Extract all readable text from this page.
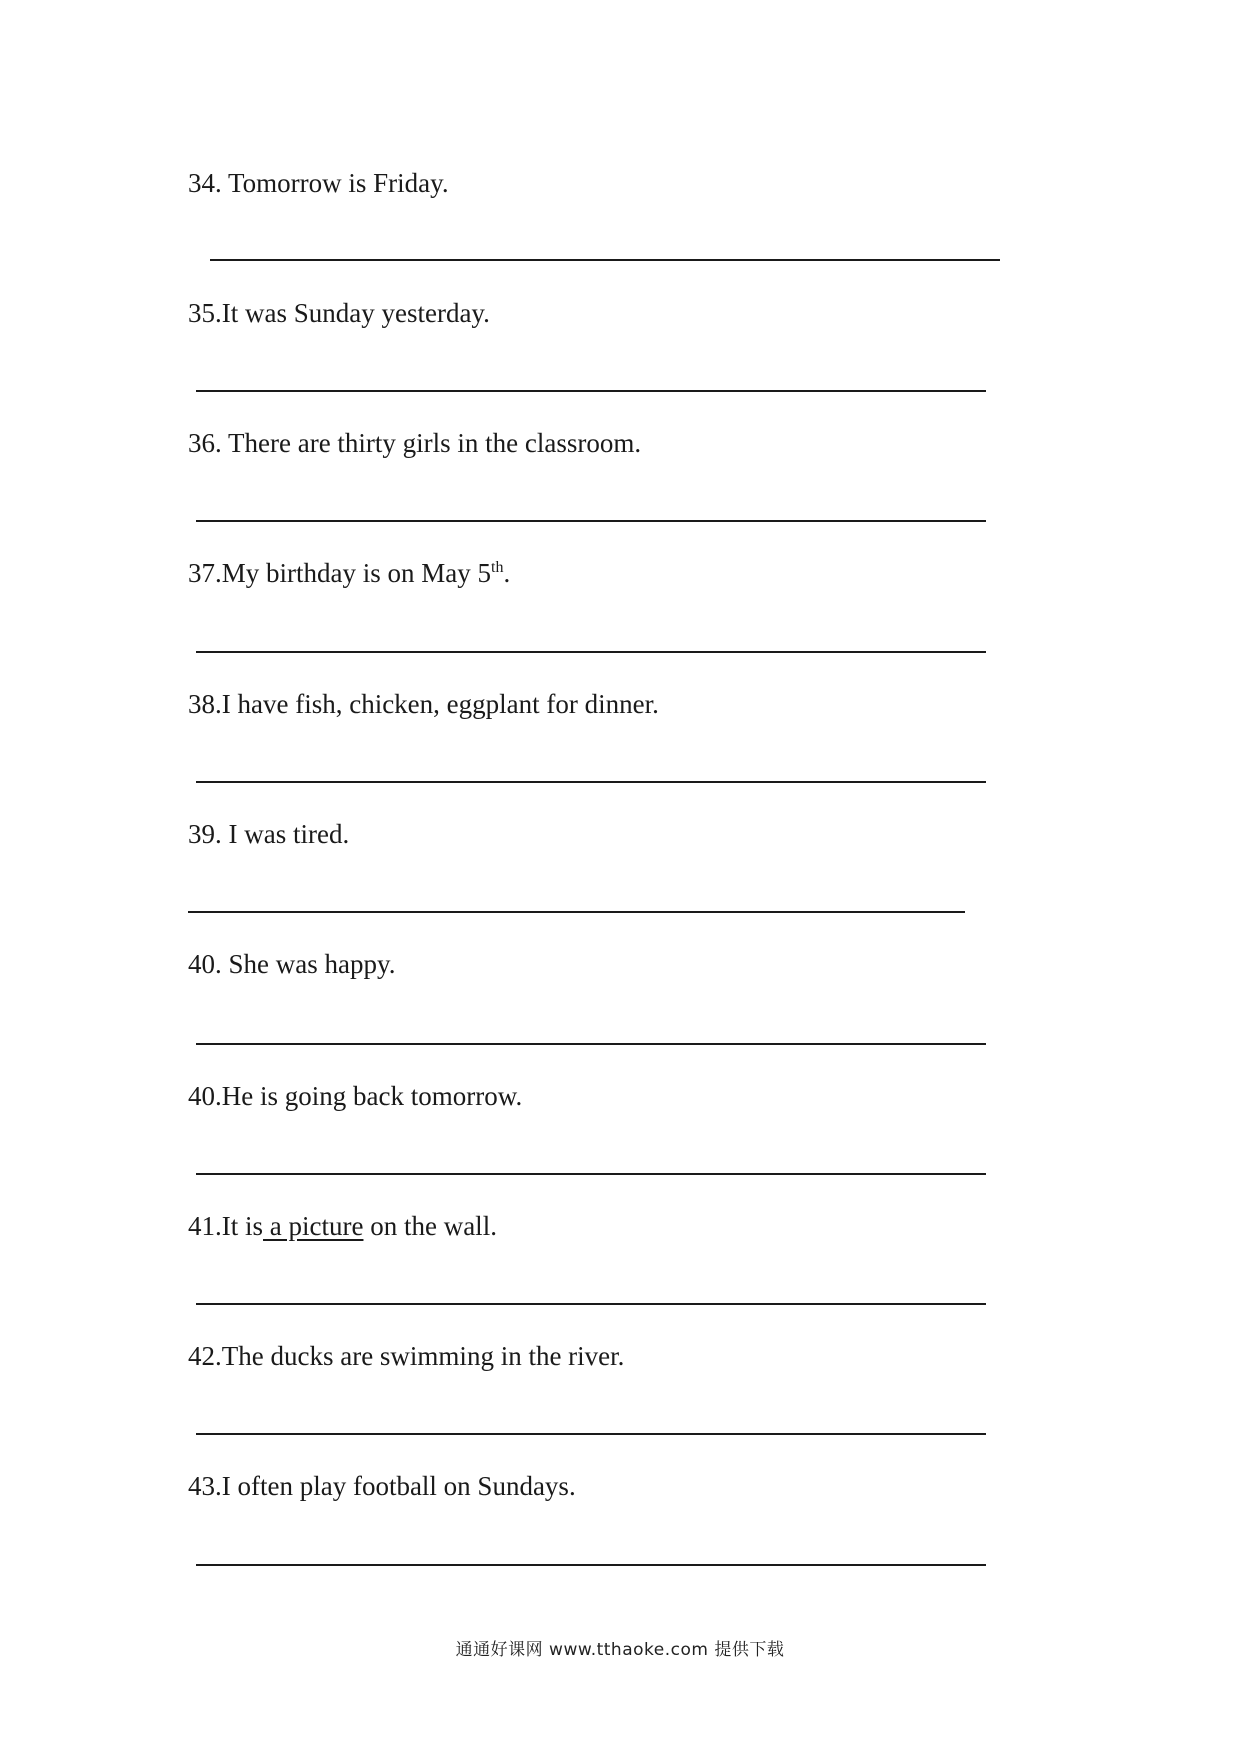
34. Tomorrow is Friday.

35.It was Sunday yesterday.

36. There are thirty girls in the classroom.

37.My birthday is on May 5th.

38.I have fish, chicken, eggplant for dinner.

39. I was tired.

40. She was happy.

40.He is going back tomorrow.

41.It is a picture on the wall.

42.The ducks are swimming in the river.

43.I often play football on Sundays.

通通好课网 www.tthaoke.com 提供下载
